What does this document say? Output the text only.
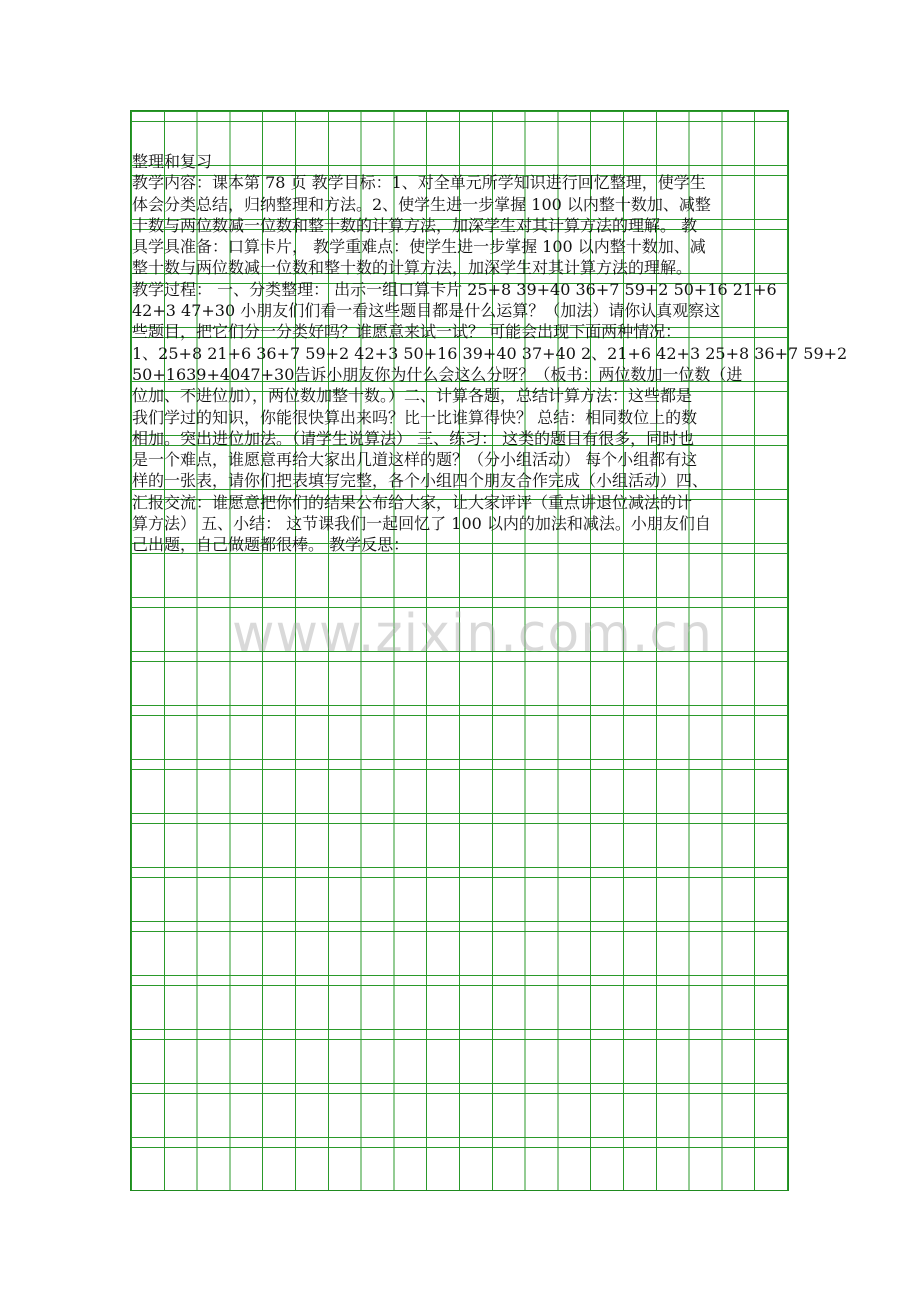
整理和复习
教学内容：课本第 78 页 教学目标：1、对全单元所学知识进行回忆整理，使学生
体会分类总结，归纳整理和方法。2、使学生进一步掌握 100 以内整十数加、减整
十数与两位数减一位数和整十数的计算方法，加深学生对其计算方法的理解。 教
具学具准备：口算卡片， 教学重难点：使学生进一步掌握 100 以内整十数加、减
整十数与两位数减一位数和整十数的计算方法，加深学生对其计算方法的理解。
教学过程： 一、分类整理： 出示一组口算卡片 25+8 39+40 36+7 59+2 50+16 21+6
42+3 47+30 小朋友们们看一看这些题目都是什么运算？（加法）请你认真观察这
些题目，把它们分一分类好吗？谁愿意来试一试？ 可能会出现下面两种情况：
1、25+8 21+6 36+7 59+2 42+3 50+16 39+40 37+40 2、21+6 42+3 25+8 36+7 59+2
50+1639+4047+30告诉小朋友你为什么会这么分呀？（板书：两位数加一位数（进
位加、不进位加），两位数加整十数。）二、计算各题，总结计算方法：这些都是
我们学过的知识，你能很快算出来吗？比一比谁算得快？ 总结：相同数位上的数
相加。突出进位加法。（请学生说算法） 三、练习： 这类的题目有很多，同时也
是一个难点，谁愿意再给大家出几道这样的题？（分小组活动） 每个小组都有这
样的一张表，请你们把表填写完整，各个小组四个朋友合作完成（小组活动）四、
汇报交流：谁愿意把你们的结果公布给大家，让大家评评（重点讲退位减法的计
算方法） 五、小结： 这节课我们一起回忆了 100 以内的加法和减法。小朋友们自
己出题，自己做题都很棒。 教学反思：
www.zixin.com.cn
